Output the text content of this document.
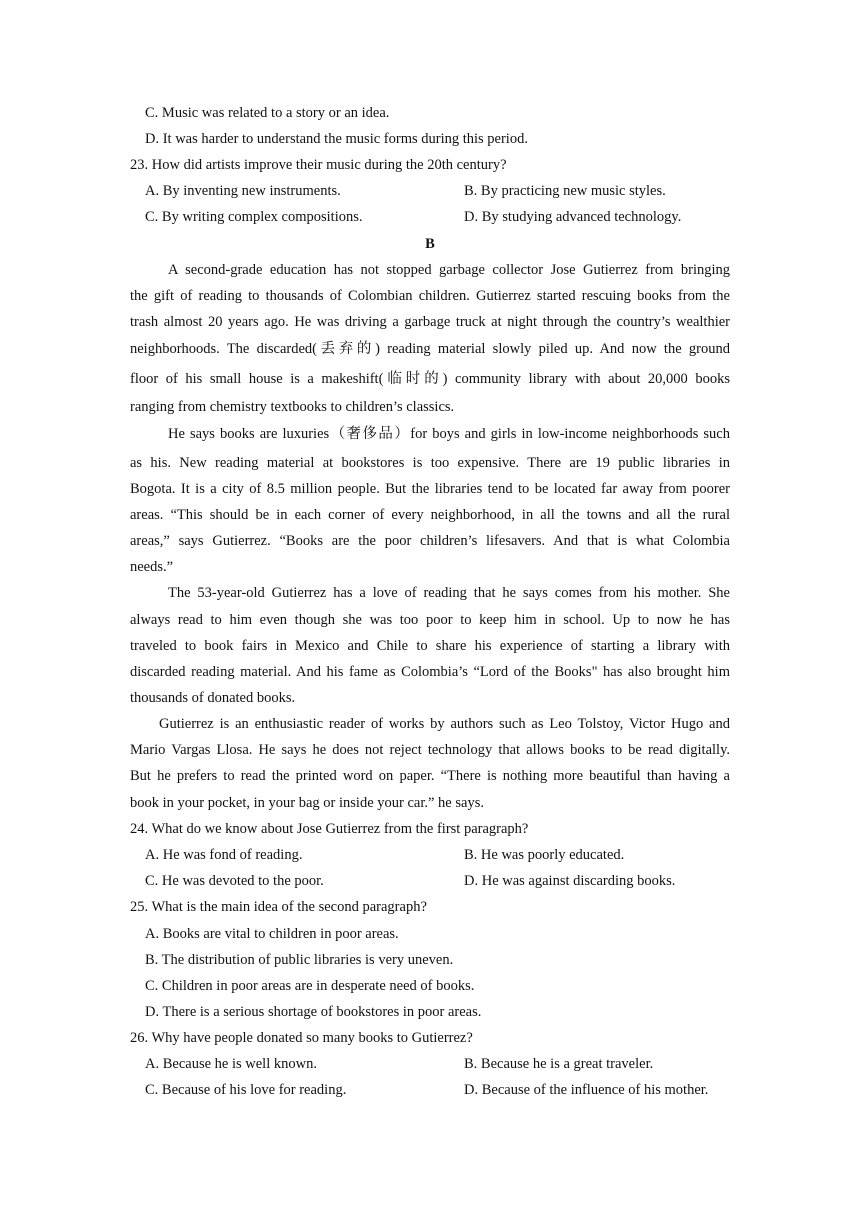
C. Music was related to a story or an idea.
D. It was harder to understand the music forms during this period.
23. How did artists improve their music during the 20th century?
A. By inventing new instruments.	B. By practicing new music styles.
C. By writing complex compositions.	D. By studying advanced technology.
B
A second-grade education has not stopped garbage collector Jose Gutierrez from bringing
the gift of reading to thousands of Colombian children. Gutierrez started rescuing books from the
trash almost 20 years ago. He was driving a garbage truck at night through the country’s wealthier
neighborhoods. The discarded(丢弃的) reading material slowly piled up. And now the ground
floor of his small house is a makeshift(临时的) community library with about 20,000 books
ranging from chemistry textbooks to children’s classics.
He says books are luxuries（奢侈品）for boys and girls in low-income neighborhoods such
as his. New reading material at bookstores is too expensive. There are 19 public libraries in
Bogota. It is a city of 8.5 million people. But the libraries tend to be located far away from poorer
areas. “This should be in each corner of every neighborhood, in all the towns and all the rural
areas,” says Gutierrez. “Books are the poor children’s lifesavers. And that is what Colombia
needs.”
The 53-year-old Gutierrez has a love of reading that he says comes from his mother. She
always read to him even though she was too poor to keep him in school. Up to now he has
traveled to book fairs in Mexico and Chile to share his experience of starting a library with
discarded reading material. And his fame as Colombia’s “Lord of the Books" has also brought him
thousands of donated books.
Gutierrez is an enthusiastic reader of works by authors such as Leo Tolstoy, Victor Hugo and
Mario Vargas Llosa. He says he does not reject technology that allows books to be read digitally.
But he prefers to read the printed word on paper. “There is nothing more beautiful than having a
book in your pocket, in your bag or inside your car.” he says.
24. What do we know about Jose Gutierrez from the first paragraph?
A. He was fond of reading.	B. He was poorly educated.
C. He was devoted to the poor.	D. He was against discarding books.
25. What is the main idea of the second paragraph?
A. Books are vital to children in poor areas.
B. The distribution of public libraries is very uneven.
C. Children in poor areas are in desperate need of books.
D. There is a serious shortage of bookstores in poor areas.
26. Why have people donated so many books to Gutierrez?
A. Because he is well known.	B. Because he is a great traveler.
C. Because of his love for reading.	D. Because of the influence of his mother.
